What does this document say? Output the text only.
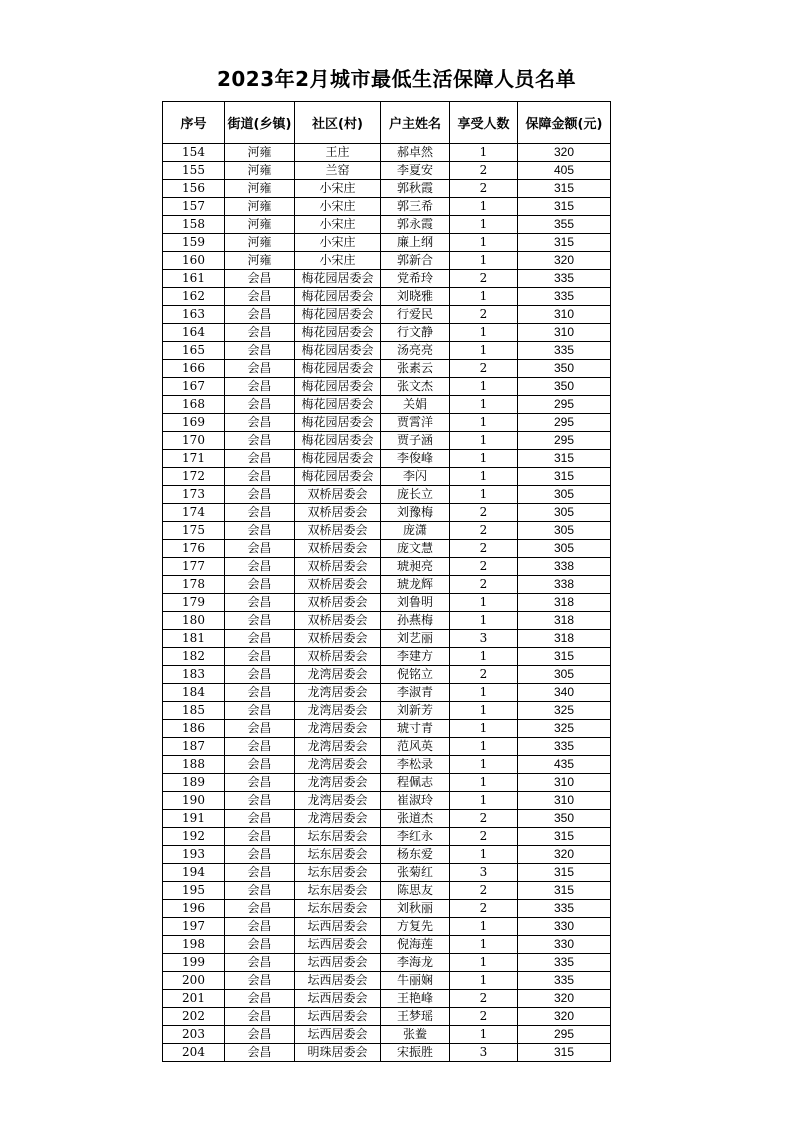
2023年2月城市最低生活保障人员名单
序号	街道(乡镇)	社区(村)	户主姓名	享受人数	保障金额(元)
154	河雍	王庄	郝卓然	1	320
155	河雍	兰窑	李夏安	2	405
156	河雍	小宋庄	郭秋霞	2	315
157	河雍	小宋庄	郭三希	1	315
158	河雍	小宋庄	郭永霞	1	355
159	河雍	小宋庄	廉上纲	1	315
160	河雍	小宋庄	郭新合	1	320
161	会昌	梅花园居委会	党希玲	2	335
162	会昌	梅花园居委会	刘晓雅	1	335
163	会昌	梅花园居委会	行爱民	2	310
164	会昌	梅花园居委会	行文静	1	310
165	会昌	梅花园居委会	汤亮亮	1	335
166	会昌	梅花园居委会	张素云	2	350
167	会昌	梅花园居委会	张文杰	1	350
168	会昌	梅花园居委会	关娟	1	295
169	会昌	梅花园居委会	贾霄洋	1	295
170	会昌	梅花园居委会	贾子涵	1	295
171	会昌	梅花园居委会	李俊峰	1	315
172	会昌	梅花园居委会	李闪	1	315
173	会昌	双桥居委会	庞长立	1	305
174	会昌	双桥居委会	刘豫梅	2	305
175	会昌	双桥居委会	庞潇	2	305
176	会昌	双桥居委会	庞文慧	2	305
177	会昌	双桥居委会	琥昶亮	2	338
178	会昌	双桥居委会	琥龙辉	2	338
179	会昌	双桥居委会	刘鲁明	1	318
180	会昌	双桥居委会	孙燕梅	1	318
181	会昌	双桥居委会	刘艺丽	3	318
182	会昌	双桥居委会	李建方	1	315
183	会昌	龙湾居委会	倪铭立	2	305
184	会昌	龙湾居委会	李淑青	1	340
185	会昌	龙湾居委会	刘新芳	1	325
186	会昌	龙湾居委会	琥寸青	1	325
187	会昌	龙湾居委会	范风英	1	335
188	会昌	龙湾居委会	李松录	1	435
189	会昌	龙湾居委会	程佩志	1	310
190	会昌	龙湾居委会	崔淑玲	1	310
191	会昌	龙湾居委会	张道杰	2	350
192	会昌	坛东居委会	李红永	2	315
193	会昌	坛东居委会	杨东爱	1	320
194	会昌	坛东居委会	张菊红	3	315
195	会昌	坛东居委会	陈思友	2	315
196	会昌	坛东居委会	刘秋丽	2	335
197	会昌	坛西居委会	方复先	1	330
198	会昌	坛西居委会	倪海莲	1	330
199	会昌	坛西居委会	李海龙	1	335
200	会昌	坛西居委会	牛丽娴	1	335
201	会昌	坛西居委会	王艳峰	2	320
202	会昌	坛西居委会	王梦瑶	2	320
203	会昌	坛西居委会	张鲞	1	295
204	会昌	明珠居委会	宋振胜	3	315
